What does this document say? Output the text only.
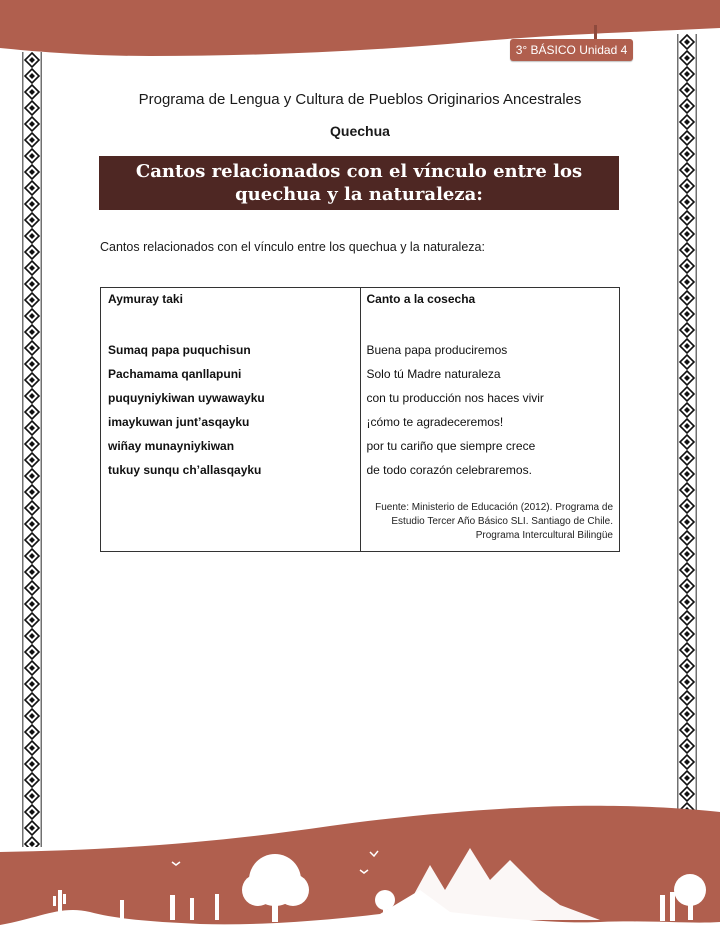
3° BÁSICO Unidad 4
Programa de Lengua y Cultura de Pueblos Originarios Ancestrales
Quechua
Cantos relacionados con el vínculo entre los quechua y la naturaleza:
Cantos relacionados con el vínculo entre los quechua y la naturaleza:
Aymuray taki
Sumaq papa puquchisun
Pachamama qanllapuni
puquyniykiwan uywawayku
imaykuwan junt’asqayku
wiñay munayniykiwan
tukuy sunqu ch’allasqayku
Canto a la cosecha
Buena papa produciremos
Solo tú Madre naturaleza
con tu producción nos haces vivir
¡cómo te agradeceremos!
por tu cariño que siempre crece
de todo corazón celebraremos.
Fuente: Ministerio de Educación (2012). Programa de
Estudio Tercer Año Básico SLI. Santiago de Chile.
Programa Intercultural Bilingüe
